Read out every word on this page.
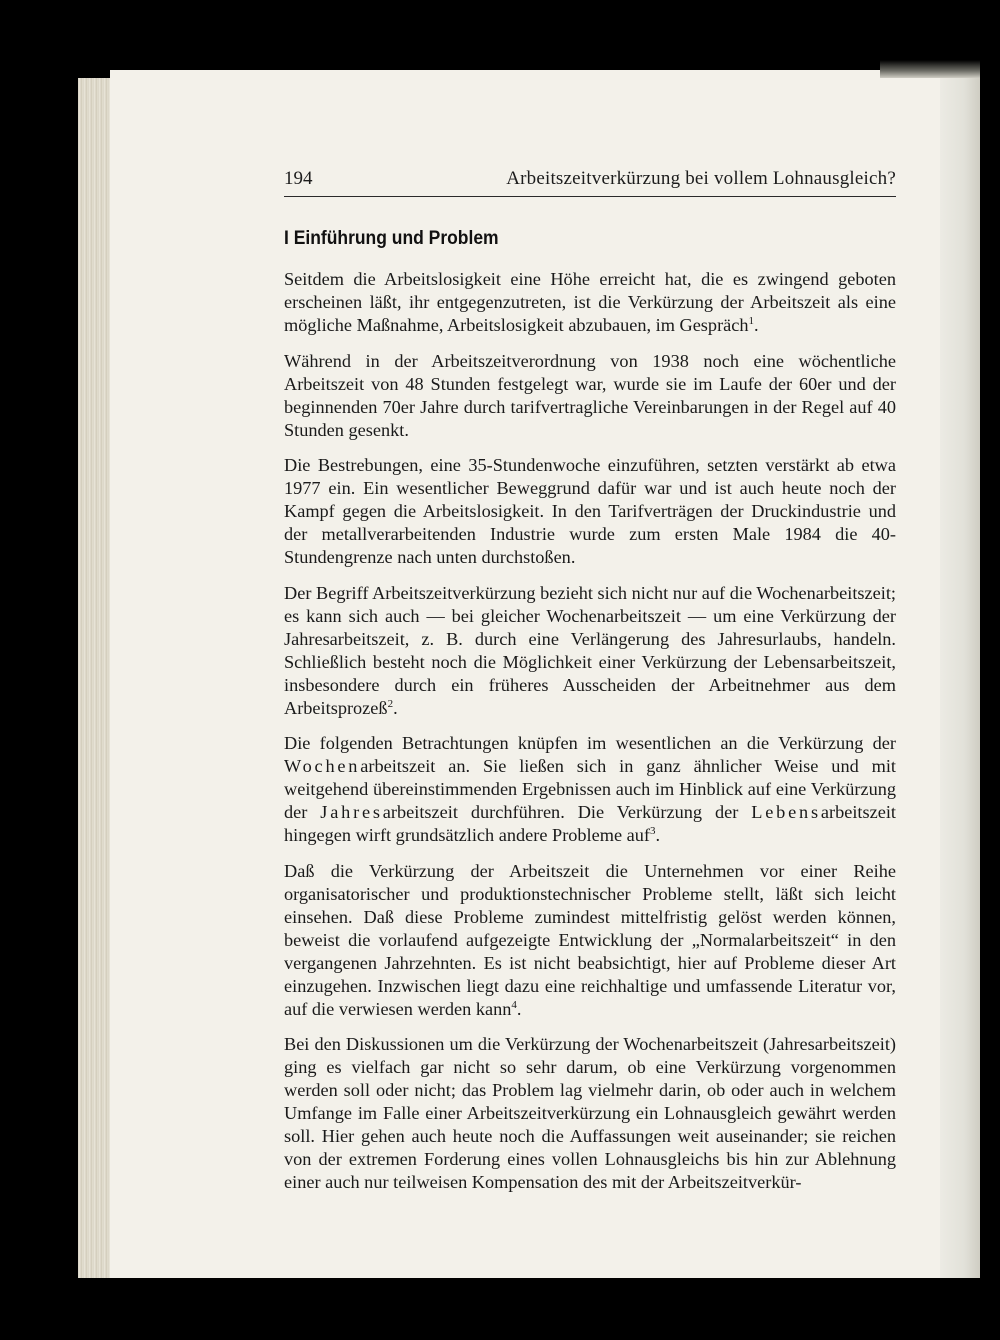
194	Arbeitszeitverkürzung bei vollem Lohnausgleich?
I Einführung und Problem

Seitdem die Arbeitslosigkeit eine Höhe erreicht hat, die es zwingend geboten erscheinen läßt, ihr entgegenzutreten, ist die Verkürzung der Arbeitszeit als eine mögliche Maßnahme, Arbeitslosigkeit abzubauen, im Gespräch$^1$.

Während in der Arbeitszeitverordnung von 1938 noch eine wöchentliche Arbeitszeit von 48 Stunden festgelegt war, wurde sie im Laufe der 60er und der beginnenden 70er Jahre durch tarifvertragliche Vereinbarungen in der Regel auf 40 Stunden gesenkt.

Die Bestrebungen, eine 35-Stundenwoche einzuführen, setzten verstärkt ab etwa 1977 ein. Ein wesentlicher Beweggrund dafür war und ist auch heute noch der Kampf gegen die Arbeitslosigkeit. In den Tarifverträgen der Druckindustrie und der metallverarbeitenden Industrie wurde zum ersten Male 1984 die 40-Stundengrenze nach unten durchstoßen.

Der Begriff Arbeitszeitverkürzung bezieht sich nicht nur auf die Wochenarbeitszeit; es kann sich auch — bei gleicher Wochenarbeitszeit — um eine Verkürzung der Jahresarbeitszeit, z. B. durch eine Verlängerung des Jahresurlaubs, handeln. Schließlich besteht noch die Möglichkeit einer Verkürzung der Lebensarbeitszeit, insbesondere durch ein früheres Ausscheiden der Arbeitnehmer aus dem Arbeitsprozeß$^2$.

Die folgenden Betrachtungen knüpfen im wesentlichen an die Verkürzung der Wochenarbeitszeit an. Sie ließen sich in ganz ähnlicher Weise und mit weitgehend übereinstimmenden Ergebnissen auch im Hinblick auf eine Verkürzung der Jahresarbeitszeit durchführen. Die Verkürzung der Lebensarbeitszeit hingegen wirft grundsätzlich andere Probleme auf$^3$.

Daß die Verkürzung der Arbeitszeit die Unternehmen vor einer Reihe organisatorischer und produktionstechnischer Probleme stellt, läßt sich leicht einsehen. Daß diese Probleme zumindest mittelfristig gelöst werden können, beweist die vorlaufend aufgezeigte Entwicklung der „Normalarbeitszeit“ in den vergangenen Jahrzehnten. Es ist nicht beabsichtigt, hier auf Probleme dieser Art einzugehen. Inzwischen liegt dazu eine reichhaltige und umfassende Literatur vor, auf die verwiesen werden kann$^4$.

Bei den Diskussionen um die Verkürzung der Wochenarbeitszeit (Jahresarbeitszeit) ging es vielfach gar nicht so sehr darum, ob eine Verkürzung vorgenommen werden soll oder nicht; das Problem lag vielmehr darin, ob oder auch in welchem Umfange im Falle einer Arbeitszeitverkürzung ein Lohnausgleich gewährt werden soll. Hier gehen auch heute noch die Auffassungen weit auseinander; sie reichen von der extremen Forderung eines vollen Lohnausgleichs bis hin zur Ablehnung einer auch nur teilweisen Kompensation des mit der Arbeitszeitverkür-
